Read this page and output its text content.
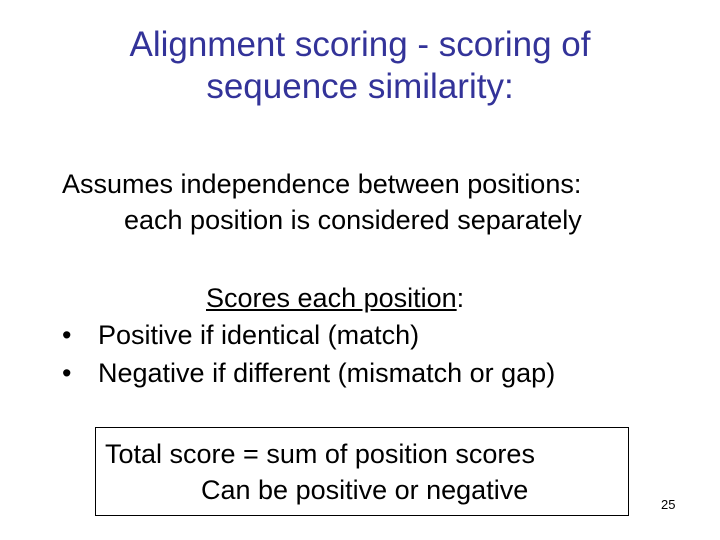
Alignment scoring - scoring of
sequence similarity:
Assumes independence between positions:
each position is considered separately
Scores each position:
• Positive if identical (match)
• Negative if different (mismatch or gap)
Total score = sum of position scores
Can be positive or negative	25
